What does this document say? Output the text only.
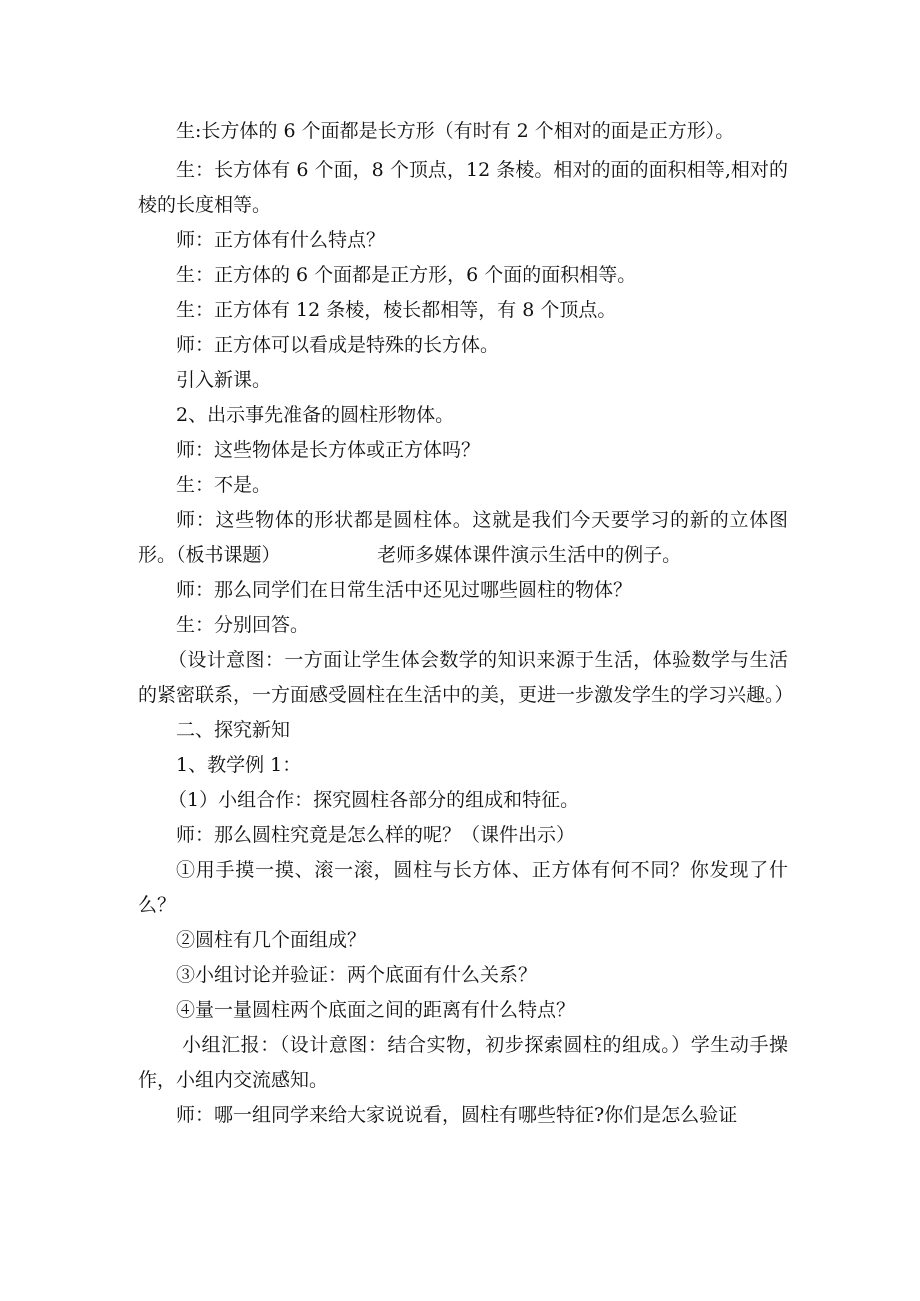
生:长方体的 6 个面都是长方形（有时有 2 个相对的面是正方形）。

生：长方体有 6 个面，8 个顶点，12 条棱。相对的面的面积相等,相对的棱的长度相等。

师：正方体有什么特点？

生：正方体的 6 个面都是正方形，6 个面的面积相等。

生：正方体有 12 条棱，棱长都相等，有 8 个顶点。

师：正方体可以看成是特殊的长方体。

引入新课。

2、出示事先准备的圆柱形物体。

师：这些物体是长方体或正方体吗？

生：不是。

师：这些物体的形状都是圆柱体。这就是我们今天要学习的新的立体图形。（板书课题）                老师多媒体课件演示生活中的例子。

师：那么同学们在日常生活中还见过哪些圆柱的物体？

生：分别回答。

（设计意图：一方面让学生体会数学的知识来源于生活，体验数学与生活的紧密联系，一方面感受圆柱在生活中的美，更进一步激发学生的学习兴趣。）

二、探究新知

1、教学例 1：

（1）小组合作：探究圆柱各部分的组成和特征。

师：那么圆柱究竟是怎么样的呢？（课件出示）

①用手摸一摸、滚一滚，圆柱与长方体、正方体有何不同？你发现了什么？

②圆柱有几个面组成？

③小组讨论并验证：两个底面有什么关系？

④量一量圆柱两个底面之间的距离有什么特点？

小组汇报：（设计意图：结合实物，初步探索圆柱的组成。）学生动手操作，小组内交流感知。

师：哪一组同学来给大家说说看，圆柱有哪些特征?你们是怎么验证
